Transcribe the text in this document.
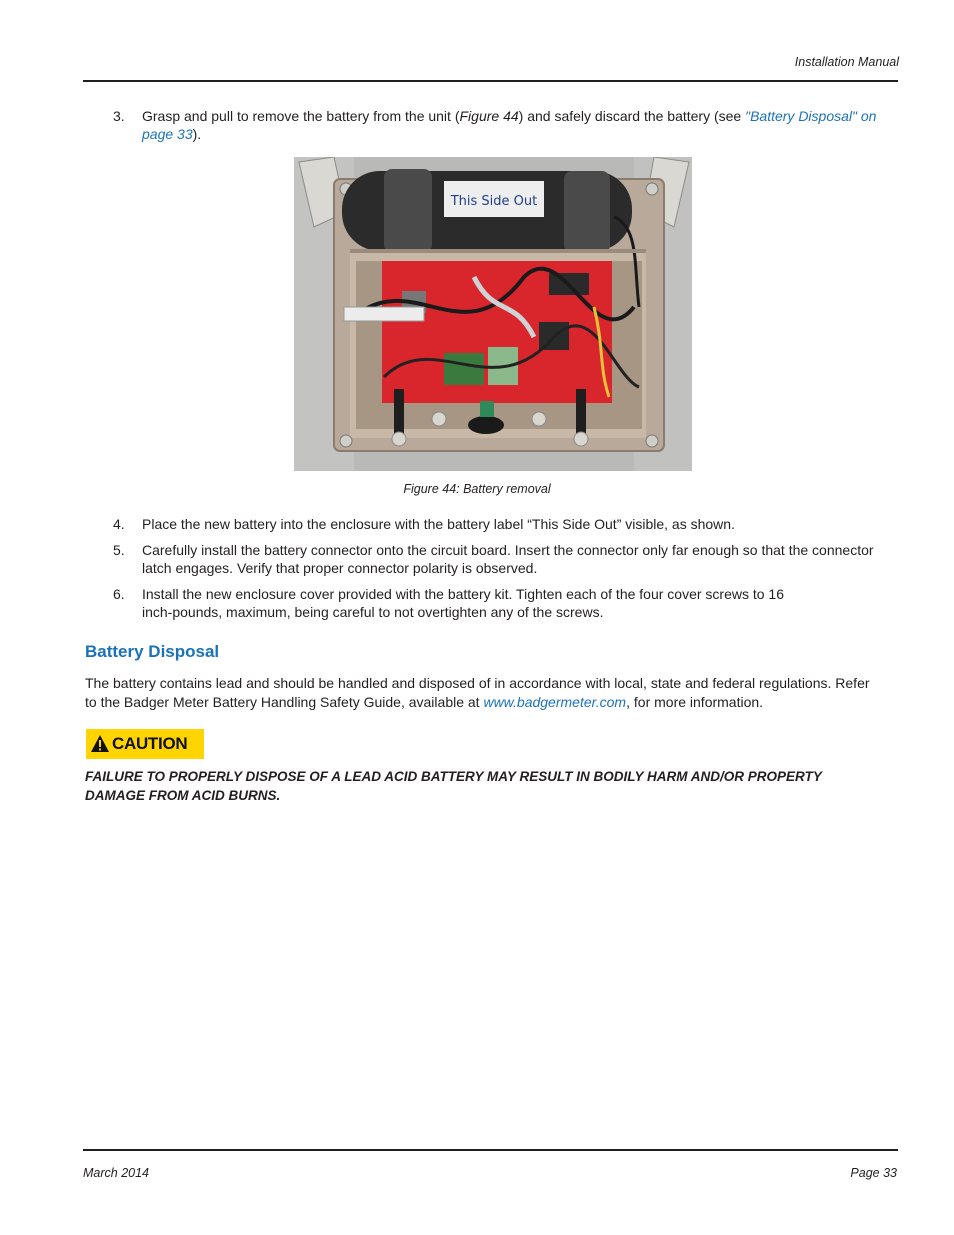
Installation Manual
3.	Grasp and pull to remove the battery from the unit (Figure 44) and safely discard the battery (see "Battery Disposal" on page 33).
This Side Out
Figure 44: Battery removal
4.	Place the new battery into the enclosure with the battery label “This Side Out” visible, as shown.
5.	Carefully install the battery connector onto the circuit board. Insert the connector only far enough so that the connector latch engages. Verify that proper connector polarity is observed.
6.	Install the new enclosure cover provided with the battery kit. Tighten each of the four cover screws to 16 inch-pounds, maximum, being careful to not overtighten any of the screws.
Battery Disposal
The battery contains lead and should be handled and disposed of in accordance with local, state and federal regulations. Refer to the Badger Meter Battery Handling Safety Guide, available at www.badgermeter.com, for more information.
CAUTION
FAILURE TO PROPERLY DISPOSE OF A LEAD ACID BATTERY MAY RESULT IN BODILY HARM AND/OR PROPERTY DAMAGE FROM ACID BURNS.
March 2014	Page 33
